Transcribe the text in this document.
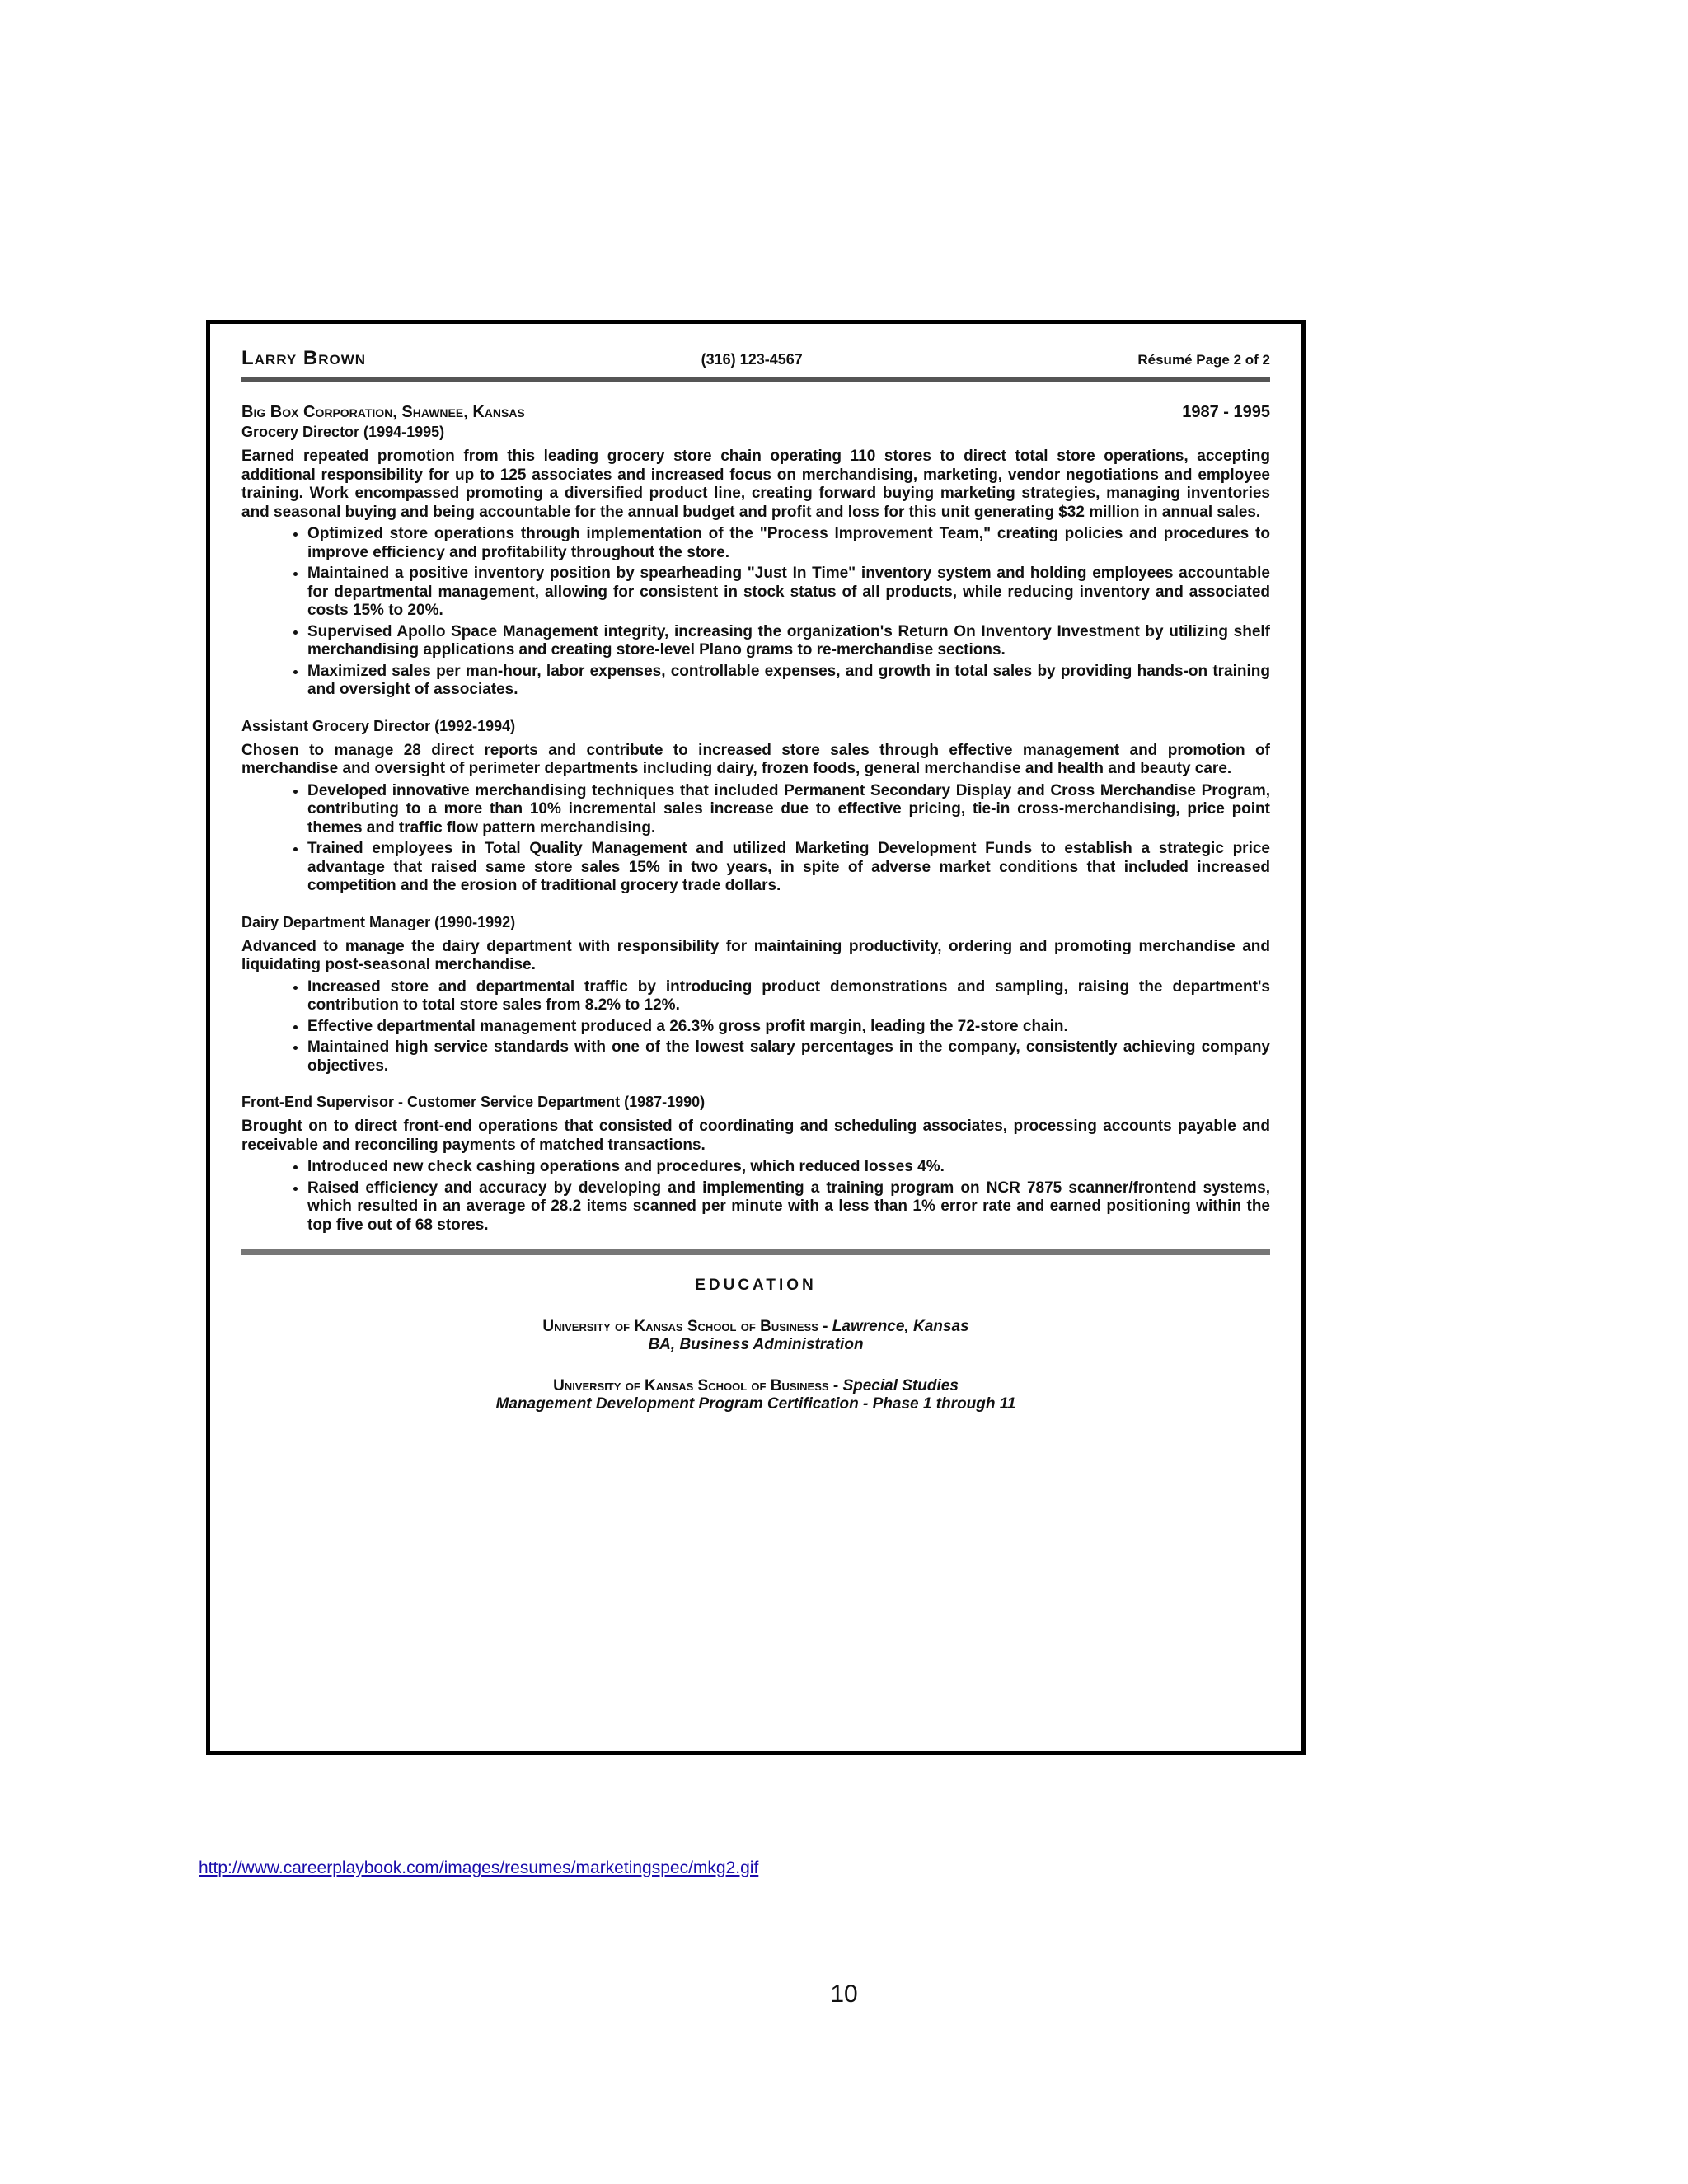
Larry Brown	(316) 123-4567	Résumé Page 2 of 2
Big Box Corporation, Shawnee, Kansas	1987 - 1995
Grocery Director (1994-1995)
Earned repeated promotion from this leading grocery store chain operating 110 stores to direct total store operations, accepting additional responsibility for up to 125 associates and increased focus on merchandising, marketing, vendor negotiations and employee training. Work encompassed promoting a diversified product line, creating forward buying marketing strategies, managing inventories and seasonal buying and being accountable for the annual budget and profit and loss for this unit generating $32 million in annual sales.
• Optimized store operations through implementation of the "Process Improvement Team," creating policies and procedures to improve efficiency and profitability throughout the store.
• Maintained a positive inventory position by spearheading "Just In Time" inventory system and holding employees accountable for departmental management, allowing for consistent in stock status of all products, while reducing inventory and associated costs 15% to 20%.
• Supervised Apollo Space Management integrity, increasing the organization's Return On Inventory Investment by utilizing shelf merchandising applications and creating store-level Plano grams to re-merchandise sections.
• Maximized sales per man-hour, labor expenses, controllable expenses, and growth in total sales by providing hands-on training and oversight of associates.
Assistant Grocery Director (1992-1994)
Chosen to manage 28 direct reports and contribute to increased store sales through effective management and promotion of merchandise and oversight of perimeter departments including dairy, frozen foods, general merchandise and health and beauty care.
• Developed innovative merchandising techniques that included Permanent Secondary Display and Cross Merchandise Program, contributing to a more than 10% incremental sales increase due to effective pricing, tie-in cross-merchandising, price point themes and traffic flow pattern merchandising.
• Trained employees in Total Quality Management and utilized Marketing Development Funds to establish a strategic price advantage that raised same store sales 15% in two years, in spite of adverse market conditions that included increased competition and the erosion of traditional grocery trade dollars.
Dairy Department Manager (1990-1992)
Advanced to manage the dairy department with responsibility for maintaining productivity, ordering and promoting merchandise and liquidating post-seasonal merchandise.
• Increased store and departmental traffic by introducing product demonstrations and sampling, raising the department's contribution to total store sales from 8.2% to 12%.
• Effective departmental management produced a 26.3% gross profit margin, leading the 72-store chain.
• Maintained high service standards with one of the lowest salary percentages in the company, consistently achieving company objectives.
Front-End Supervisor - Customer Service Department (1987-1990)
Brought on to direct front-end operations that consisted of coordinating and scheduling associates, processing accounts payable and receivable and reconciling payments of matched transactions.
• Introduced new check cashing operations and procedures, which reduced losses 4%.
• Raised efficiency and accuracy by developing and implementing a training program on NCR 7875 scanner/frontend systems, which resulted in an average of 28.2 items scanned per minute with a less than 1% error rate and earned positioning within the top five out of 68 stores.
EDUCATION
University of Kansas School of Business - Lawrence, Kansas
BA, Business Administration
University of Kansas School of Business - Special Studies
Management Development Program Certification - Phase 1 through 11
http://www.careerplaybook.com/images/resumes/marketingspec/mkg2.gif
10
